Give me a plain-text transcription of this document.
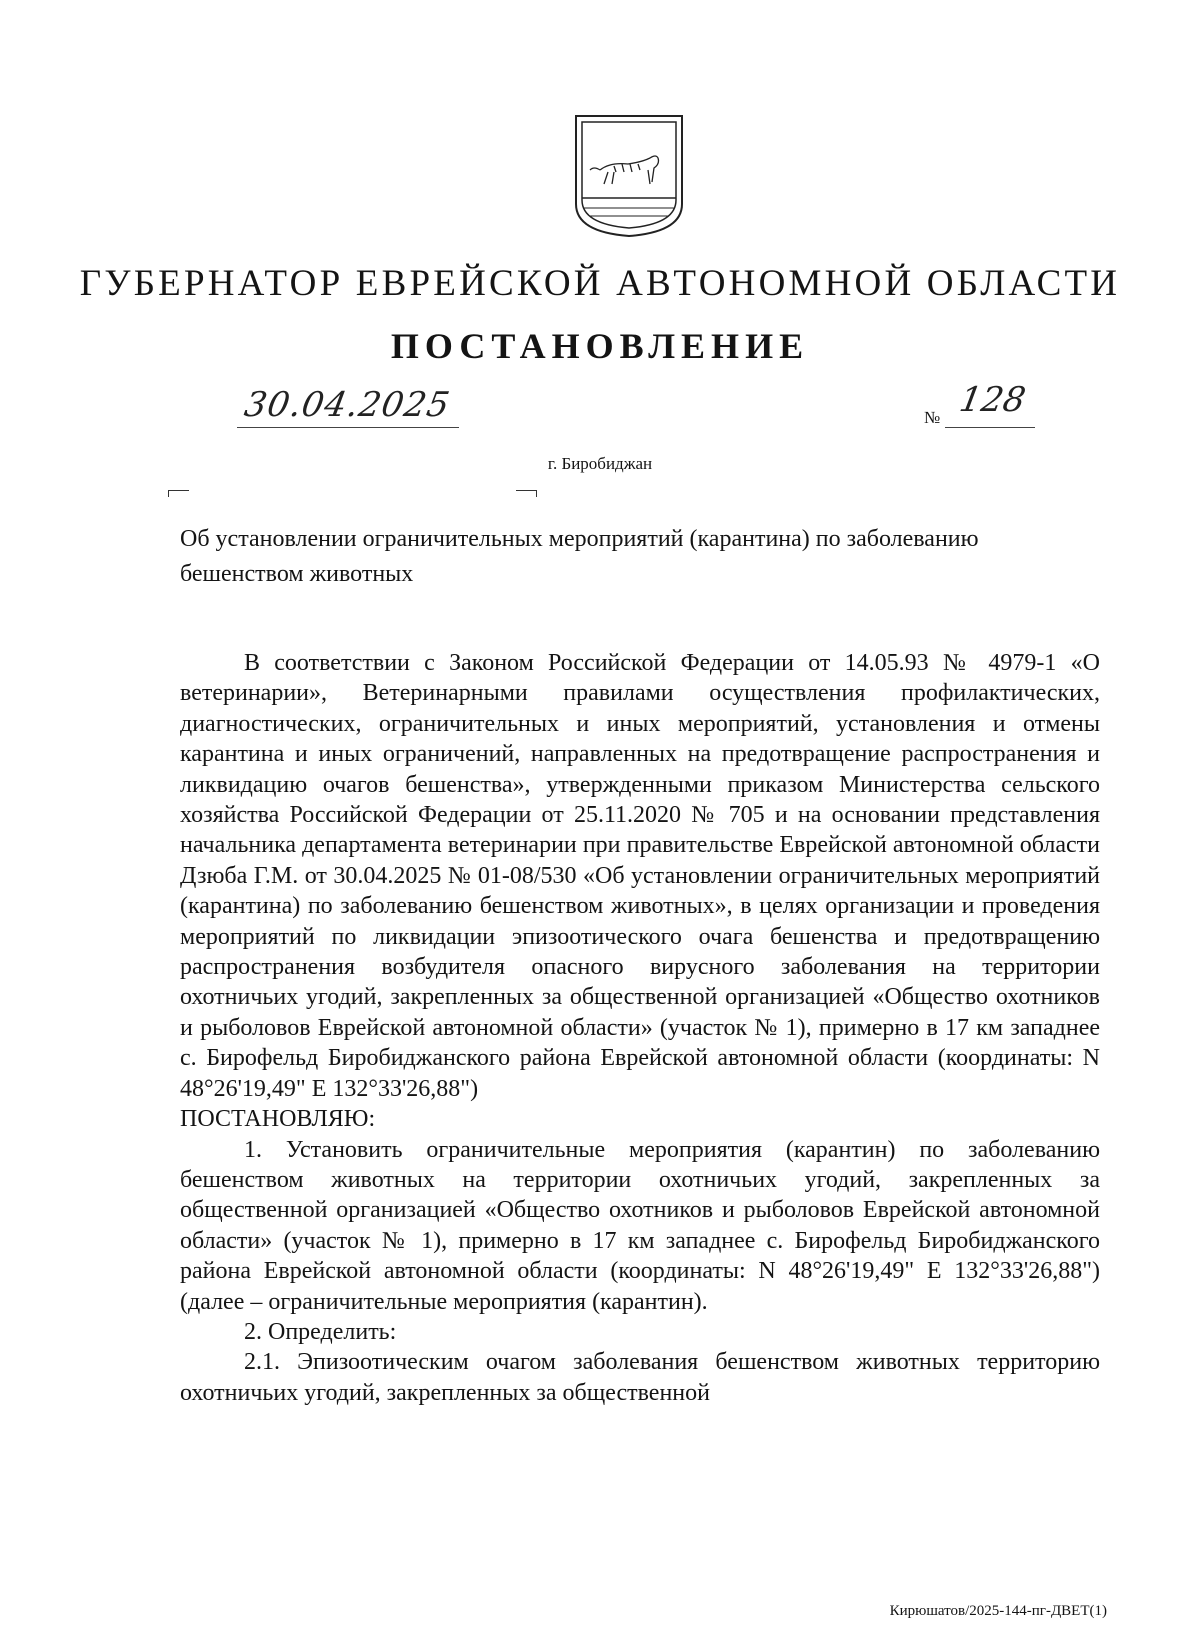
ГУБЕРНАТОР ЕВРЕЙСКОЙ АВТОНОМНОЙ ОБЛАСТИ
ПОСТАНОВЛЕНИЕ
30.04.2025	№ 128
г. Биробиджан
Об установлении ограничительных мероприятий (карантина) по заболеванию бешенством животных

В соответствии с Законом Российской Федерации от 14.05.93 № 4979-1 «О ветеринарии», Ветеринарными правилами осуществления профилактических, диагностических, ограничительных и иных мероприятий, установления и отмены карантина и иных ограничений, направленных на предотвращение распространения и ликвидацию очагов бешенства», утвержденными приказом Министерства сельского хозяйства Российской Федерации от 25.11.2020 № 705 и на основании представления начальника департамента ветеринарии при правительстве Еврейской автономной области Дзюба Г.М. от 30.04.2025 № 01-08/530 «Об установлении ограничительных мероприятий (карантина) по заболеванию бешенством животных», в целях организации и проведения мероприятий по ликвидации эпизоотического очага бешенства и предотвращению распространения возбудителя опасного вирусного заболевания на территории охотничьих угодий, закрепленных за общественной организацией «Общество охотников и рыболовов Еврейской автономной области» (участок № 1), примерно в 17 км западнее с. Бирофельд Биробиджанского района Еврейской автономной области (координаты: N 48°26'19,49" E 132°33'26,88")

ПОСТАНОВЛЯЮ:

1. Установить ограничительные мероприятия (карантин) по заболеванию бешенством животных на территории охотничьих угодий, закрепленных за общественной организацией «Общество охотников и рыболовов Еврейской автономной области» (участок № 1), примерно в 17 км западнее с. Бирофельд Биробиджанского района Еврейской автономной области (координаты: N 48°26'19,49" E 132°33'26,88") (далее – ограничительные мероприятия (карантин).

2. Определить:

2.1. Эпизоотическим очагом заболевания бешенством животных территорию охотничьих угодий, закрепленных за общественной

Кирюшатов/2025-144-пг-ДВЕТ(1)
